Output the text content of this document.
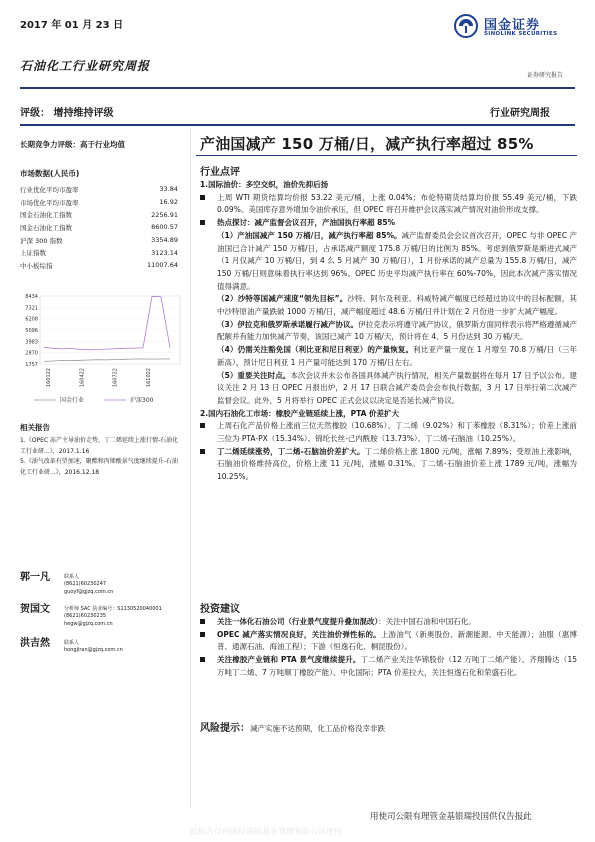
2017 年 01 月 23 日
石油化工行业研究周报
国金证券
SINOLINK SECURITIES
证券研究报告
评级： 增持维持评级	行业研究周报
长期竞争力评级：高于行业均值
市场数据(人民币)
行业优化平均市盈率	33.84
市场优化平均市盈率	16.92
国金石油化工指数	2256.91
国金石油化工指数	8600.57
沪深 300 指数	3354.89
上证指数	3123.14
中小板综指	11007.64
8434
7321
6208
5096
3983
2870
1757
160122	160422	160722	161022
国金行业	沪深300
相关报告

1.《OPEC 冻产主导油价走势，丁二烯延续上涨行情-石油化工行业研...》，2017.1.16

5.《油气改革有望加速，聚酯和丙烯酸景气度继续提升-石油化工行业研...》，2016.12.18

郭一凡	联系人
(8621)60230247
guoyf@gjzq.com.cn
贺国文	分析师 SAC 执业编号：S1130520040001
(8621)60230235
hegw@gjzq.com.cn
洪吉然	联系人
hongjiran@gjzq.com.cn
产油国减产 150 万桶/日，减产执行率超过 85%
行业点评

1.国际油价：多空交织，油价先抑后扬

上周 WTI 期货结算均价报 53.22 美元/桶，上涨 0.04%；布伦特期货结算均价报 55.49 美元/桶，下跌 0.09%。美国库存意外增加令油价承压，但 OPEC 将召开维护会议落实减产情况对油价形成支撑。

热点探讨：减产监督会议召开，产油国执行率超 85%

（1）产油国减产 150 万桶/日，减产执行率超 85%。减产监督委员会会议首次召开，OPEC 与非 OPEC 产油国已合计减产 150 万桶/日，占承诺减产额度 175.8 万桶/日的比例为 85%。考虑到俄罗斯是渐进式减产（1 月仅减产 10 万桶/日，到 4 么 5 月减产 30 万桶/日），1 月份承诺的减产总量为 155.8 万桶/日，减产 150 万桶/日则意味着执行率达到 96%。OPEC 历史平均减产执行率在 60%-70%，因此本次减产落实情况值得满意。

（2）沙特等国减产速度“领先目标”。沙特、阿尔及利亚、科威特减产幅度已经超过协议中的目标配额，其中沙特原油产量跌破 1000 万桶/日，减产幅度超过 48.6 万桶/日并计划在 2 月份进一步扩大减产幅度。

（3）伊拉克和俄罗斯承诺履行减产协议。伊拉克表示将遵守减产协议，俄罗斯方面同样表示将严格遵循减产配额并有能力加快减产节奏，该国已减产 10 万桶/天，预计将在 4、5 月份达到 30 万桶/天。

（4）仍需关注豁免国（利比亚和尼日利亚）的产量恢复。利比亚产量一度在 1 月增至 70.8 万桶/日（三年新高），预计尼日利亚 1 月产量可能达到 170 万桶/日左右。

（5）重要关注时点。本次会议并未公布各国具体减产执行情况，相关产量数据将在每月 17 日予以公布。建议关注 2 月 13 日 OPEC 月报出炉，2 月 17 日联合减产委员会会布执行数据，3 月 17 日举行第二次减产监督会议。此外，5 月将举行 OPEC 正式会议以决定是否延长减产协议。

2.国内石油化工市场：橡胶产业链延续上涨，PTA 价差扩大

上周石化产品价格上涨前三位天然橡胶（10.68%）、丁二烯（9.02%）和丁苯橡胶（8.31%）；价差上涨前三位为 PTA-PX（15.34%）、锦纶长丝-己内酰胺（13.73%）、丁二烯-石脑油（10.25%）。

丁二烯延续涨势，丁二烯-石脑油价差扩大。丁二烯价格上涨 1800 元/吨，涨幅 7.89%；受原油上涨影响，石脑油价格维持高位，价格上涨 11 元/吨，涨幅 0.31%。丁二烯-石脑油价差上涨 1789 元/吨，涨幅为 10.25%。

投资建议

关注一体化石油公司（行业景气度提升叠加混改）：关注中国石油和中国石化。

OPEC 减产落实情况良好，关注油价弹性标的。上游油气（新奥股份、新潮能源、中天能源）；油服（惠博普、通源石油、海油工程）；下游（恒逸石化、桐昆股份）。

关注橡胶产业链和 PTA 景气度继续提升。丁二烯产业关注华锦股份（12 万吨丁二烯产能）、齐翔腾达（15 万吨丁二烯、7 万吨顺丁橡胶产能）、中化国际；PTA 价差拉大，关注恒逸石化和荣盛石化。

风险提示：减产实施不达预期，化工品价格没幸非跌

用使司公限有理管金基银瑞投国供仅告报此
此报告仅供国投瑞银基金管理有限公司使用
